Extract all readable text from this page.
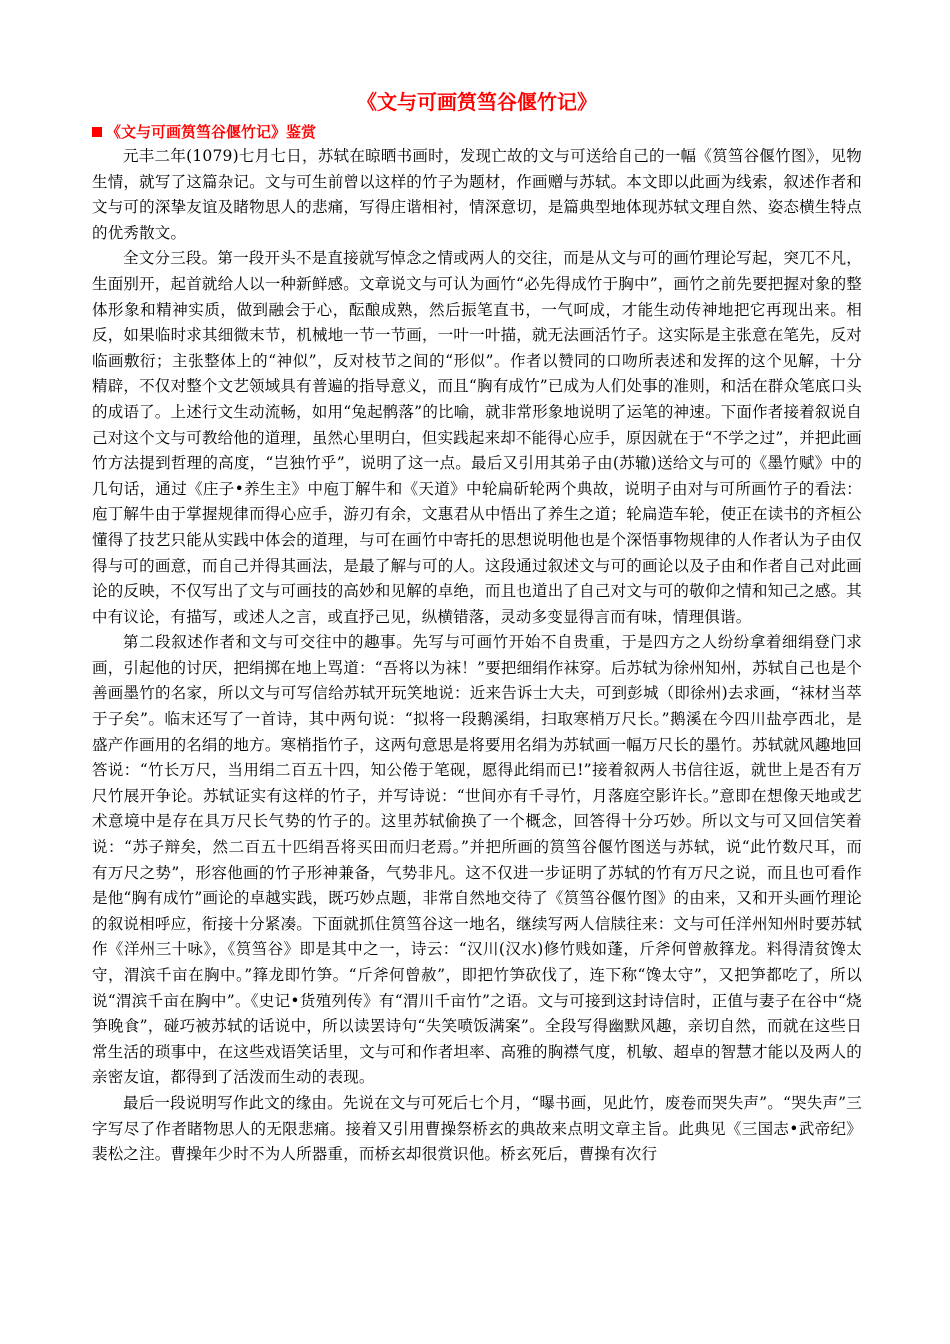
《文与可画筼筜谷偃竹记》
《文与可画筼筜谷偃竹记》鉴赏

元丰二年(1079)七月七日，苏轼在晾晒书画时，发现亡故的文与可送给自己的一幅《筼筜谷偃竹图》，见物生情，就写了这篇杂记。文与可生前曾以这样的竹子为题材，作画赠与苏轼。本文即以此画为线索，叙述作者和文与可的深挚友谊及睹物思人的悲痛，写得庄谐相衬，情深意切，是篇典型地体现苏轼文理自然、姿态横生特点的优秀散文。

全文分三段。第一段开头不是直接就写悼念之情或两人的交往，而是从文与可的画竹理论写起，突兀不凡，生面别开，起首就给人以一种新鲜感。文章说文与可认为画竹“必先得成竹于胸中”，画竹之前先要把握对象的整体形象和精神实质，做到融会于心，酝酿成熟，然后振笔直书，一气呵成，才能生动传神地把它再现出来。相反，如果临时求其细微末节，机械地一节一节画，一叶一叶描，就无法画活竹子。这实际是主张意在笔先，反对临画敷衍；主张整体上的“神似”，反对枝节之间的“形似”。作者以赞同的口吻所表述和发挥的这个见解，十分精辟，不仅对整个文艺领域具有普遍的指导意义，而且“胸有成竹”已成为人们处事的准则，和活在群众笔底口头的成语了。上述行文生动流畅，如用“兔起鹘落”的比喻，就非常形象地说明了运笔的神速。下面作者接着叙说自己对这个文与可教给他的道理，虽然心里明白，但实践起来却不能得心应手，原因就在于“不学之过”，并把此画竹方法提到哲理的高度，“岂独竹乎”，说明了这一点。最后又引用其弟子由(苏辙)送给文与可的《墨竹赋》中的几句话，通过《庄子•养生主》中庖丁解牛和《天道》中轮扁斫轮两个典故，说明子由对与可所画竹子的看法：庖丁解牛由于掌握规律而得心应手，游刃有余，文惠君从中悟出了养生之道；轮扁造车轮，使正在读书的齐桓公懂得了技艺只能从实践中体会的道理，与可在画竹中寄托的思想说明他也是个深悟事物规律的人作者认为子由仅得与可的画意，而自己并得其画法，是最了解与可的人。这段通过叙述文与可的画论以及子由和作者自己对此画论的反映，不仅写出了文与可画技的高妙和见解的卓绝，而且也道出了自己对文与可的敬仰之情和知己之感。其中有议论，有描写，或述人之言，或直抒己见，纵横错落，灵动多变显得言而有味，情理俱谐。

第二段叙述作者和文与可交往中的趣事。先写与可画竹开始不自贵重，于是四方之人纷纷拿着细绢登门求画，引起他的讨厌，把绢掷在地上骂道：“吾将以为袜！”要把细绢作袜穿。后苏轼为徐州知州，苏轼自己也是个善画墨竹的名家，所以文与可写信给苏轼开玩笑地说：近来告诉士大夫，可到彭城（即徐州)去求画，“袜材当萃于子矣”。临末还写了一首诗，其中两句说：“拟将一段鹅溪绢，扫取寒梢万尺长。”鹅溪在今四川盐亭西北，是盛产作画用的名绢的地方。寒梢指竹子，这两句意思是将要用名绢为苏轼画一幅万尺长的墨竹。苏轼就风趣地回答说：“竹长万尺，当用绢二百五十四，知公倦于笔砚，愿得此绢而已!”接着叙两人书信往返，就世上是否有万尺竹展开争论。苏轼证实有这样的竹子，并写诗说：“世间亦有千寻竹，月落庭空影许长。”意即在想像天地或艺术意境中是存在具万尺长气势的竹子的。这里苏轼偷换了一个概念，回答得十分巧妙。所以文与可又回信笑着说：“苏子辩矣，然二百五十匹绢吾将买田而归老焉。”并把所画的筼筜谷偃竹图送与苏轼，说“此竹数尺耳，而有万尺之势”，形容他画的竹子形神兼备，气势非凡。这不仅进一步证明了苏轼的竹有万尺之说，而且也可看作是他“胸有成竹”画论的卓越实践，既巧妙点题，非常自然地交待了《筼筜谷偃竹图》的由来，又和开头画竹理论的叙说相呼应，衔接十分紧凑。下面就抓住筼筜谷这一地名，继续写两人信牍往来：文与可任洋州知州时要苏轼作《洋州三十咏》，《筼筜谷》即是其中之一，诗云：“汉川(汉水)修竹贱如蓬，斤斧何曾赦箨龙。料得清贫馋太守，渭滨千亩在胸中。”箨龙即竹笋。“斤斧何曾赦”，即把竹笋砍伐了，连下称“馋太守”，又把笋都吃了，所以说“渭滨千亩在胸中”。《史记•货殖列传》有“渭川千亩竹”之语。文与可接到这封诗信时，正值与妻子在谷中“烧笋晚食”，碰巧被苏轼的话说中，所以读罢诗句“失笑喷饭满案”。全段写得幽默风趣，亲切自然，而就在这些日常生活的琐事中，在这些戏语笑话里，文与可和作者坦率、高雅的胸襟气度，机敏、超卓的智慧才能以及两人的亲密友谊，都得到了活泼而生动的表现。

最后一段说明写作此文的缘由。先说在文与可死后七个月，“曝书画，见此竹，废卷而哭失声”。“哭失声”三字写尽了作者睹物思人的无限悲痛。接着又引用曹操祭桥玄的典故来点明文章主旨。此典见《三国志•武帝纪》裴松之注。曹操年少时不为人所器重，而桥玄却很赏识他。桥玄死后，曹操有次行
